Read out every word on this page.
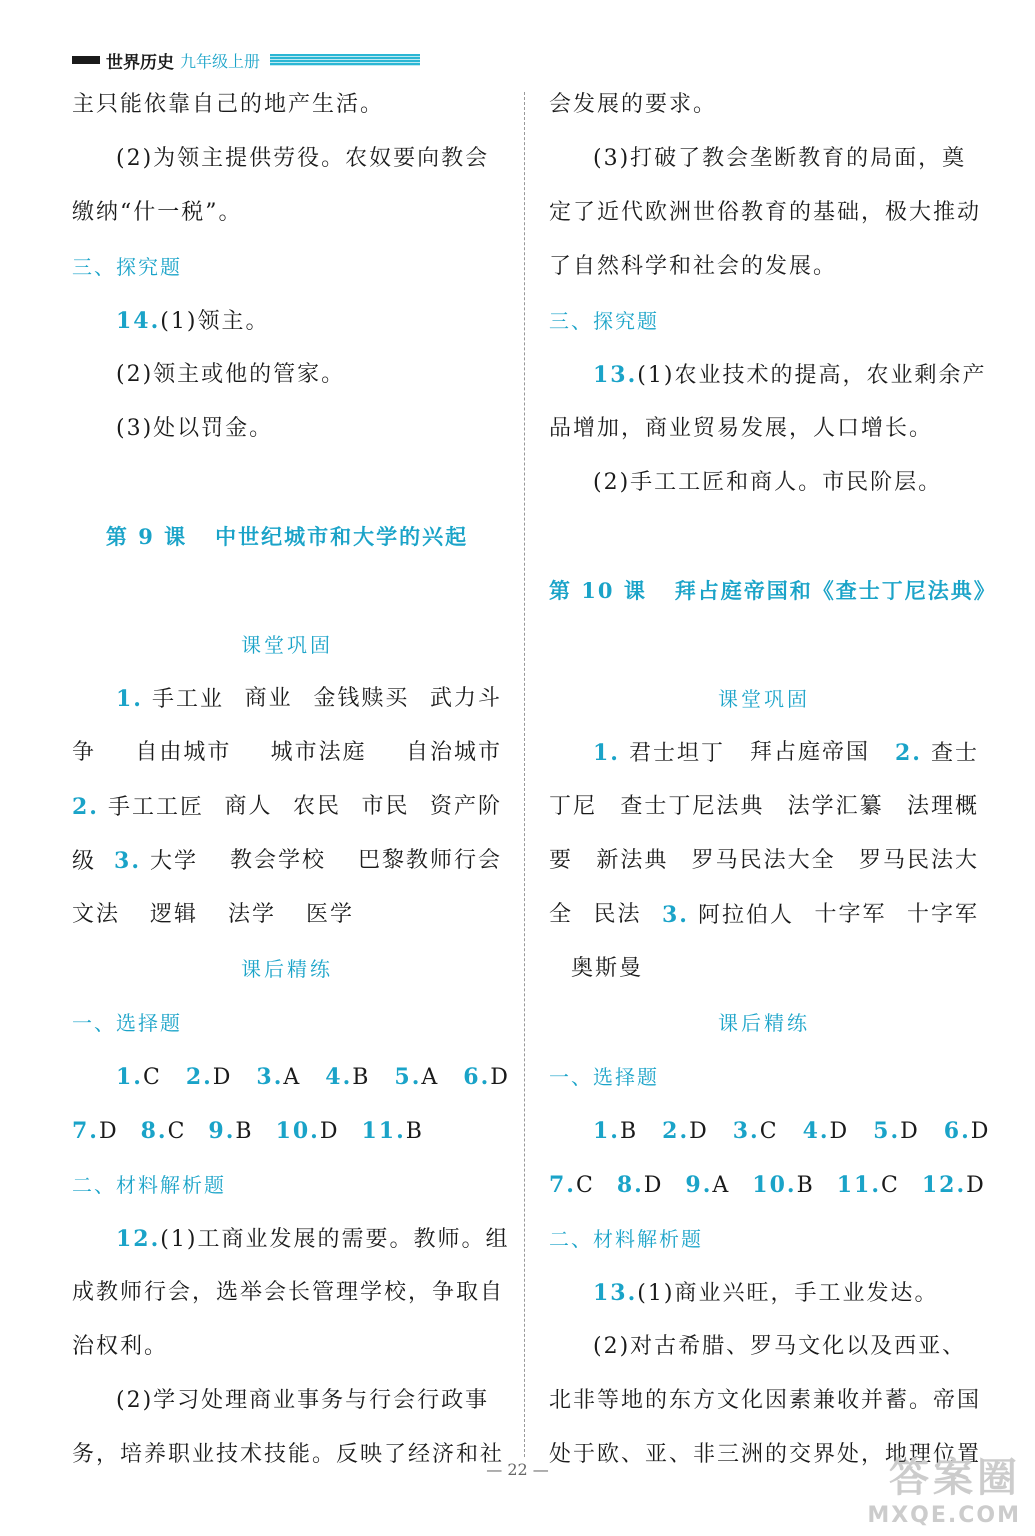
世界历史 九年级上册
主只能依靠自己的地产生活。
(2)为领主提供劳役。农奴要向教会
缴纳“什一税”。
三、探究题
14.(1)领主。
(2)领主或他的管家。
(3)处以罚金。
第 9 课 中世纪城市和大学的兴起
课堂巩固
1. 手工业 商业 金钱赎买 武力斗
争 自由城市 城市法庭 自治城市
2. 手工工匠 商人 农民 市民 资产阶
级 3. 大学 教会学校 巴黎教师行会
文法 逻辑 法学 医学
课后精练
一、选择题
1.C 2.D 3.A 4.B 5.A 6.D
7.D 8.C 9.B 10.D 11.B
二、材料解析题
12.(1)工商业发展的需要。教师。组
成教师行会，选举会长管理学校，争取自
治权利。
(2)学习处理商业事务与行会行政事
务，培养职业技术技能。反映了经济和社
会发展的要求。
(3)打破了教会垄断教育的局面，奠
定了近代欧洲世俗教育的基础，极大推动
了自然科学和社会的发展。
三、探究题
13.(1)农业技术的提高，农业剩余产
品增加，商业贸易发展，人口增长。
(2)手工工匠和商人。市民阶层。
第 10 课 拜占庭帝国和《查士丁尼法典》
课堂巩固
1. 君士坦丁 拜占庭帝国 2. 查士
丁尼 查士丁尼法典 法学汇纂 法理概
要 新法典 罗马民法大全 罗马民法大
全 民法 3. 阿拉伯人 十字军 十字军
奥斯曼
课后精练
一、选择题
1.B 2.D 3.C 4.D 5.D 6.D
7.C 8.D 9.A 10.B 11.C 12.D
二、材料解析题
13.(1)商业兴旺，手工业发达。
(2)对古希腊、罗马文化以及西亚、
北非等地的东方文化因素兼收并蓄。帝国
处于欧、亚、非三洲的交界处，地理位置
— 22 —	答案圈
MXQE.COM
